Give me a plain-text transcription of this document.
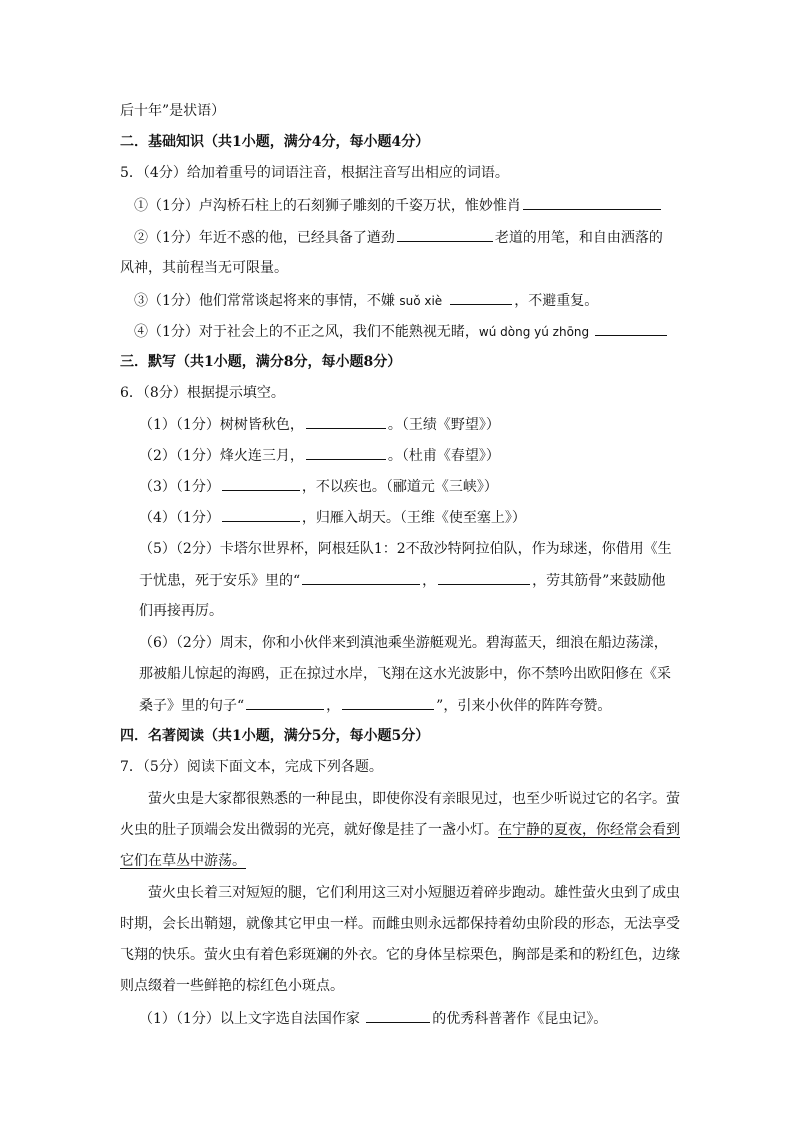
后十年”是状语）
二．基础知识（共1小题，满分4分，每小题4分）
5．（4分）给加着重号的词语注音，根据注音写出相应的词语。
①（1分）卢沟桥石柱上的石刻狮子雕刻的千姿万状，惟妙惟肖
②（1分）年近不惑的他，已经具备了遒劲	老道的用笔，和自由洒落的
风神，其前程当无可限量。
③（1分）他们常常谈起将来的事情，不嫌 suǒ xiè	，不避重复。
④（1分）对于社会上的不正之风，我们不能熟视无睹，wú dòng yú zhōng
三．默写（共1小题，满分8分，每小题8分）
6．（8分）根据提示填空。
（1）（1分）树树皆秋色，	。（王绩《野望》）
（2）（1分）烽火连三月，	。（杜甫《春望》）
（3）（1分）	，不以疾也。（郦道元《三峡》）
（4）（1分）	，归雁入胡天。（王维《使至塞上》）
（5）（2分）卡塔尔世界杯，阿根廷队1：2不敌沙特阿拉伯队，作为球迷，你借用《生
于忧患，死于安乐》里的“	，	，劳其筋骨”来鼓励他
们再接再厉。
（6）（2分）周末，你和小伙伴来到滇池乘坐游艇观光。碧海蓝天，细浪在船边荡漾，
那被船儿惊起的海鸥，正在掠过水岸，飞翔在这水光波影中，你不禁吟出欧阳修在《采
桑子》里的句子“	，	”，引来小伙伴的阵阵夸赞。
四．名著阅读（共1小题，满分5分，每小题5分）
7．（5分）阅读下面文本，完成下列各题。
萤火虫是大家都很熟悉的一种昆虫，即使你没有亲眼见过，也至少听说过它的名字。萤
火虫的肚子顶端会发出微弱的光亮，就好像是挂了一盏小灯。在宁静的夏夜，你经常会看到
它们在草丛中游荡。
萤火虫长着三对短短的腿，它们利用这三对小短腿迈着碎步跑动。雄性萤火虫到了成虫
时期，会长出鞘翅，就像其它甲虫一样。而雌虫则永远都保持着幼虫阶段的形态，无法享受
飞翔的快乐。萤火虫有着色彩斑斓的外衣。它的身体呈棕栗色，胸部是柔和的粉红色，边缘
则点缀着一些鲜艳的棕红色小斑点。
（1）（1分）以上文字选自法国作家	的优秀科普著作《昆虫记》。
